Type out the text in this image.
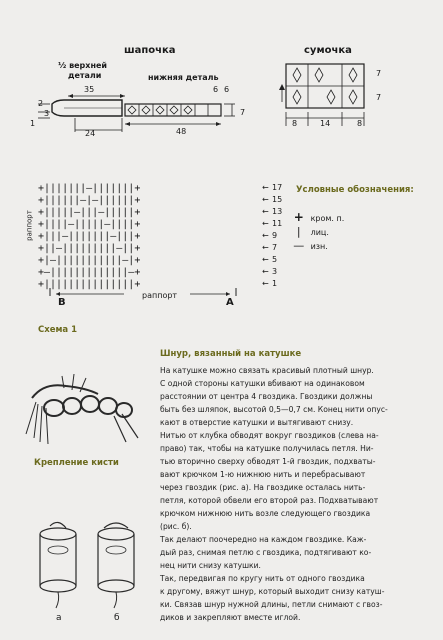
шапочка
½ верхней
детали	нижняя деталь
35
2
3
1
24
6 6
7
48
сумочка
7
7
8	14	8
раппорт
+|||||||—|||||||+	17
←
+||||||—|—||||||+	15
←
+|||||—|||—|||||+	13
←
+||||—|||||—||||+	11
←
+|||—|||||||—|||+	9
←
+||—|||||||||—||+	7
←
+|—|||||||||||—|+	5
←
+—|||||||||||||—+	3
←
+|||||||||||||||+	1
←
B
раппорт
A
Схема 1
Условные обозначения:
+ кром. п.
| лиц.
— изн.
Шнур, вязанный на катушке
Крепление кисти
а	б

На катушке можно связать красивый плотный шнур.

С одной стороны катушки вбивают на одинаковом

расстоянии от центра 4 гвоздика. Гвоздики должны

быть без шляпок, высотой 0,5—0,7 см. Конец нити опус-

кают в отверстие катушки и вытягивают снизу.

Нитью от клубка обводят вокруг гвоздиков (слева на-

право) так, чтобы на катушке получилась петля. Ни-

тью вторично сверху обводят 1-й гвоздик, подхваты-

вают крючком 1-ю нижнюю нить и перебрасывают

через гвоздик (рис. а). На гвоздике осталась нить-

петля, которой обвели его второй раз. Подхватывают

крючком нижнюю нить возле следующего гвоздика

(рис. б).

Так делают поочередно на каждом гвоздике. Каж-

дый раз, снимая петлю с гвоздика, подтягивают ко-

нец нити снизу катушки.

Так, передвигая по кругу нить от одного гвоздика

к другому, вяжут шнур, который выходит снизу катуш-

ки. Связав шнур нужной длины, петли снимают с гвоз-

диков и закрепляют вместе иглой.
